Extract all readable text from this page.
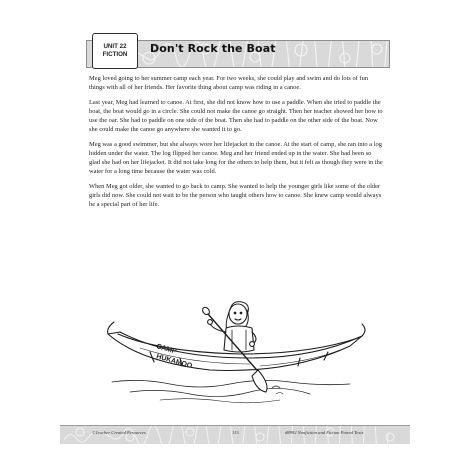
UNIT 22
FICTION	Don't Rock the Boat

Meg loved going to her summer camp each year. For two weeks, she could play and swim and do lots of fun things with all of her friends. Her favorite thing about camp was riding in a canoe.

Last year, Meg had learned to canoe. At first, she did not know how to use a paddle. When she tried to paddle the boat, the boat would go in a circle. She could not make the canoe go straight. Then her teacher showed her how to use the oar. She had to paddle on one side of the boat. Then she had to paddle on the other side of the boat. Now she could make the canoe go anywhere she wanted it to go.

Meg was a good swimmer, but she always wore her lifejacket in the canoe. At the start of camp, she ran into a log hidden under the water. The log flipped her canoe. Meg and her friend ended up in the water. She had been so glad she had on her lifejacket. It did not take long for the others to help them, but it felt as though they were in the water for a long time because the water was cold.

When Meg got older, she wanted to go back to camp. She wanted to help the younger girls like some of the older girls did now. She could not wait to be the person who taught others how to canoe. She knew camp would always be a special part of her life.

CAMP
HUKAMOO
©Teacher Created Resources	113	#8992 Nonfiction and Fiction Paired Texts
